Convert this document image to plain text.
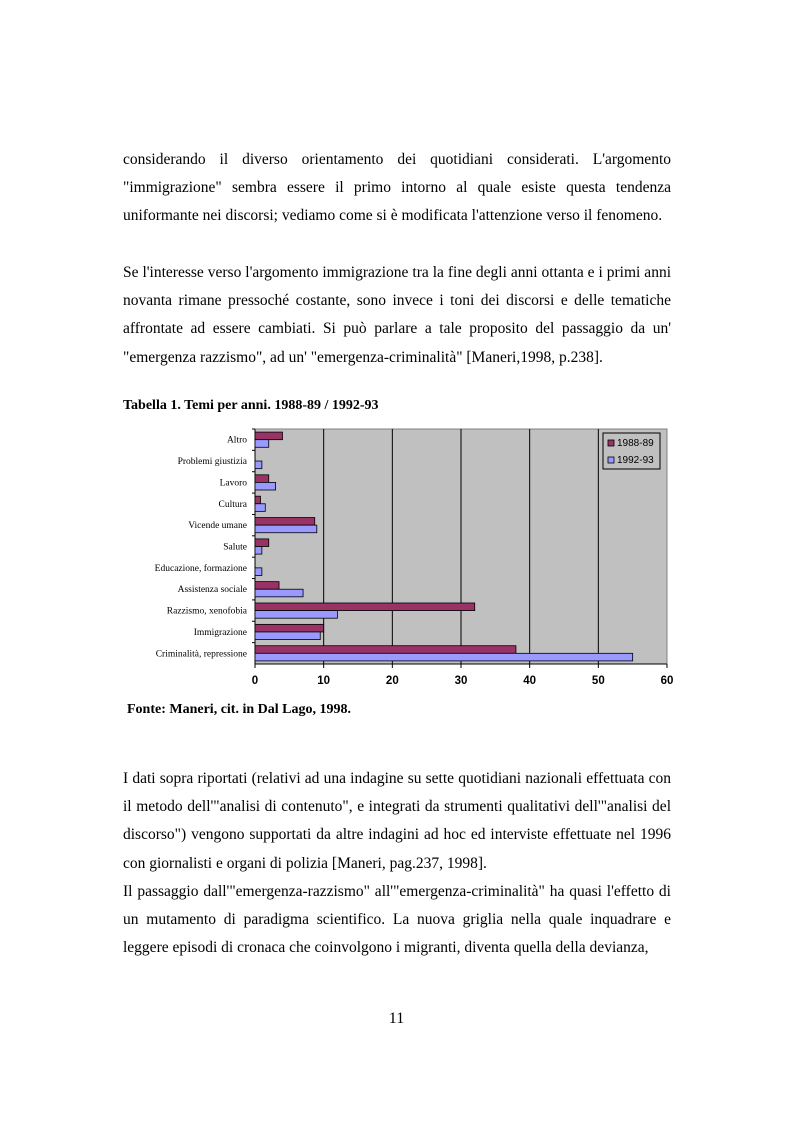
considerando il diverso orientamento dei quotidiani considerati. L'argomento "immigrazione" sembra essere il primo intorno al quale esiste questa tendenza uniformante nei discorsi; vediamo come si è modificata l'attenzione verso il fenomeno.

Se l'interesse verso l'argomento immigrazione tra la fine degli anni ottanta e i primi anni novanta rimane pressoché costante, sono invece i toni dei discorsi e delle tematiche affrontate ad essere cambiati. Si può parlare a tale proposito del passaggio da un' "emergenza razzismo", ad un' "emergenza-criminalità" [Maneri,1998, p.238].

Tabella 1. Temi per anni. 1988-89 / 1992-93

0	10	20	30	40	50	60
Altro
Problemi giustizia
Lavoro
Cultura
Vicende umane
Salute
Educazione, formazione
Assistenza sociale
Razzismo, xenofobia
Immigrazione
Criminalità, repressione
1988-89
1992-93

Fonte: Maneri, cit. in Dal Lago, 1998.

I dati sopra riportati (relativi ad una indagine su sette quotidiani nazionali effettuata con il metodo dell'"analisi di contenuto", e integrati da strumenti qualitativi dell'"analisi del discorso") vengono supportati da altre indagini ad hoc ed interviste effettuate nel 1996 con giornalisti e organi di polizia [Maneri, pag.237, 1998].

Il passaggio dall'"emergenza-razzismo" all'"emergenza-criminalità" ha quasi l'effetto di un mutamento di paradigma scientifico. La nuova griglia nella quale inquadrare e leggere episodi di cronaca che coinvolgono i migranti, diventa quella della devianza,

11
